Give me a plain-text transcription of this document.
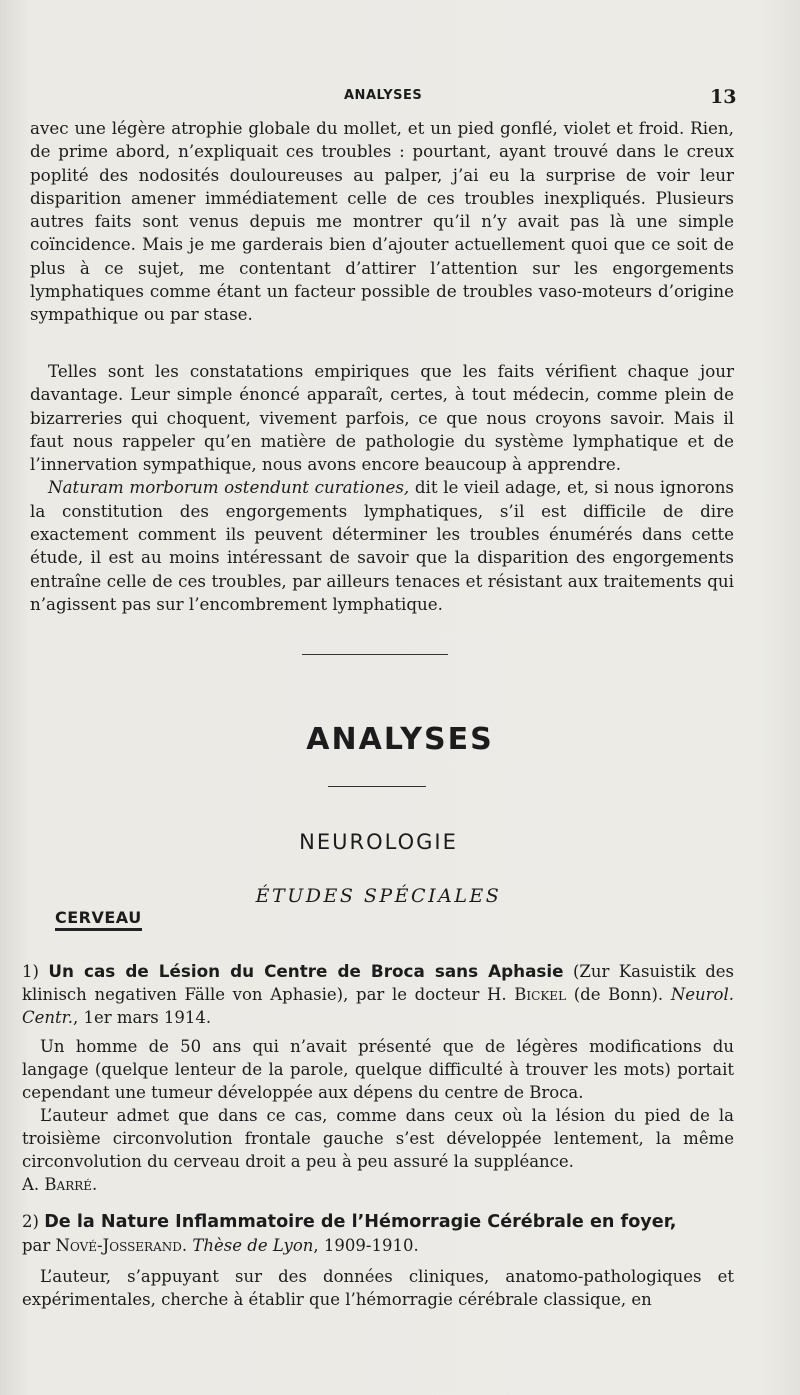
ANALYSES	13

avec une légère atrophie globale du mollet, et un pied gonflé, violet et froid. Rien, de prime abord, n’expliquait ces troubles : pourtant, ayant trouvé dans le creux poplité des nodosités douloureuses au palper, j’ai eu la surprise de voir leur disparition amener immédiatement celle de ces troubles inexpliqués. Plusieurs autres faits sont venus depuis me montrer qu’il n’y avait pas là une simple coïncidence. Mais je me garderais bien d’ajouter actuellement quoi que ce soit de plus à ce sujet, me contentant d’attirer l’attention sur les engorgements lymphatiques comme étant un facteur possible de troubles vaso-moteurs d’origine sympathique ou par stase.

Telles sont les constatations empiriques que les faits vérifient chaque jour davantage. Leur simple énoncé apparaît, certes, à tout médecin, comme plein de bizarreries qui choquent, vivement parfois, ce que nous croyons savoir. Mais il faut nous rappeler qu’en matière de pathologie du système lymphatique et de l’innervation sympathique, nous avons encore beaucoup à apprendre.

Naturam morborum ostendunt curationes, dit le vieil adage, et, si nous ignorons la constitution des engorgements lymphatiques, s’il est difficile de dire exactement comment ils peuvent déterminer les troubles énumérés dans cette étude, il est au moins intéressant de savoir que la disparition des engorgements entraîne celle de ces troubles, par ailleurs tenaces et résistant aux traitements qui n’agissent pas sur l’encombrement lymphatique.

ANALYSES
NEUROLOGIE
ÉTUDES SPÉCIALES
CERVEAU

1) Un cas de Lésion du Centre de Broca sans Aphasie (Zur Kasuistik des klinisch negativen Fälle von Aphasie), par le docteur H. Bickel (de Bonn). Neurol. Centr., 1er mars 1914.

Un homme de 50 ans qui n’avait présenté que de légères modifications du langage (quelque lenteur de la parole, quelque difficulté à trouver les mots) portait cependant une tumeur développée aux dépens du centre de Broca.

L’auteur admet que dans ce cas, comme dans ceux où la lésion du pied de la troisième circonvolution frontale gauche s’est développée lentement, la même circonvolution du cerveau droit a peu à peu assuré la suppléance.

A. Barré.

2) De la Nature Inflammatoire de l’Hémorragie Cérébrale en foyer,

par Nové-Josserand. Thèse de Lyon, 1909-1910.

L’auteur, s’appuyant sur des données cliniques, anatomo-pathologiques et expérimentales, cherche à établir que l’hémorragie cérébrale classique, en
